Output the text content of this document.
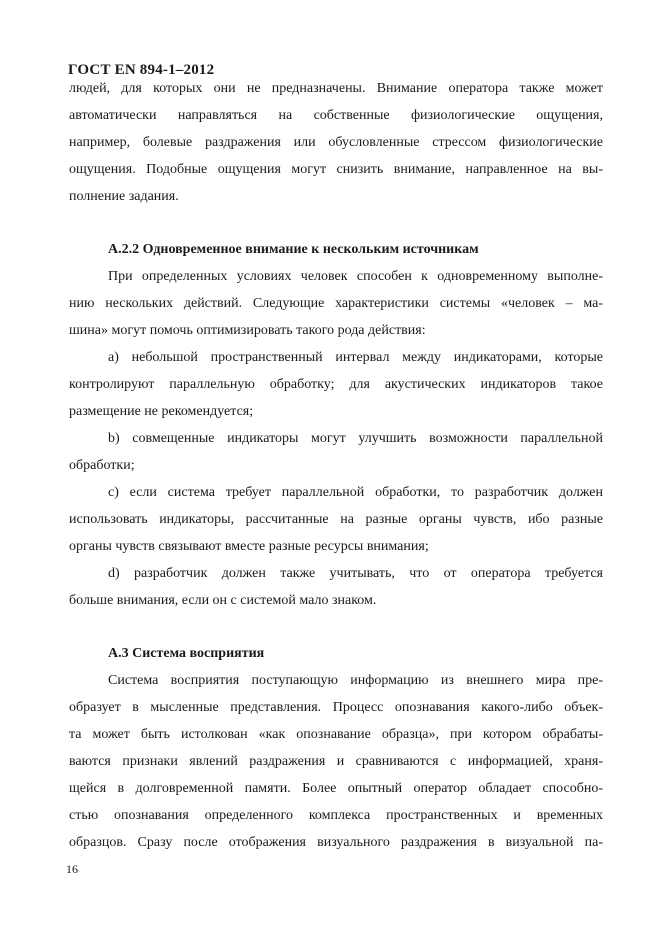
ГОСТ EN 894-1–2012
людей, для которых они не предназначены. Внимание оператора также может
автоматически направляться на собственные физиологические ощущения,
например, болевые раздражения или обусловленные стрессом физиологические
ощущения. Подобные ощущения могут снизить внимание, направленное на вы-
полнение задания.
A.2.2 Одновременное внимание к нескольким источникам
При определенных условиях человек способен к одновременному выполне-
нию нескольких действий. Следующие характеристики системы «человек – ма-
шина» могут помочь оптимизировать такого рода действия:
a) небольшой пространственный интервал между индикаторами, которые
контролируют параллельную обработку; для акустических индикаторов такое
размещение не рекомендуется;
b) совмещенные индикаторы могут улучшить возможности параллельной
обработки;
c) если система требует параллельной обработки, то разработчик должен
использовать индикаторы, рассчитанные на разные органы чувств, ибо разные
органы чувств связывают вместе разные ресурсы внимания;
d) разработчик должен также учитывать, что от оператора требуется
больше внимания, если он с системой мало знаком.
A.3 Система восприятия
Система восприятия поступающую информацию из внешнего мира пре-
образует в мысленные представления. Процесс опознавания какого-либо объек-
та может быть истолкован «как опознавание образца», при котором обрабаты-
ваются признаки явлений раздражения и сравниваются с информацией, храня-
щейся в долговременной памяти. Более опытный оператор обладает способно-
стью опознавания определенного комплекса пространственных и временных
образцов. Сразу после отображения визуального раздражения в визуальной па-
16
